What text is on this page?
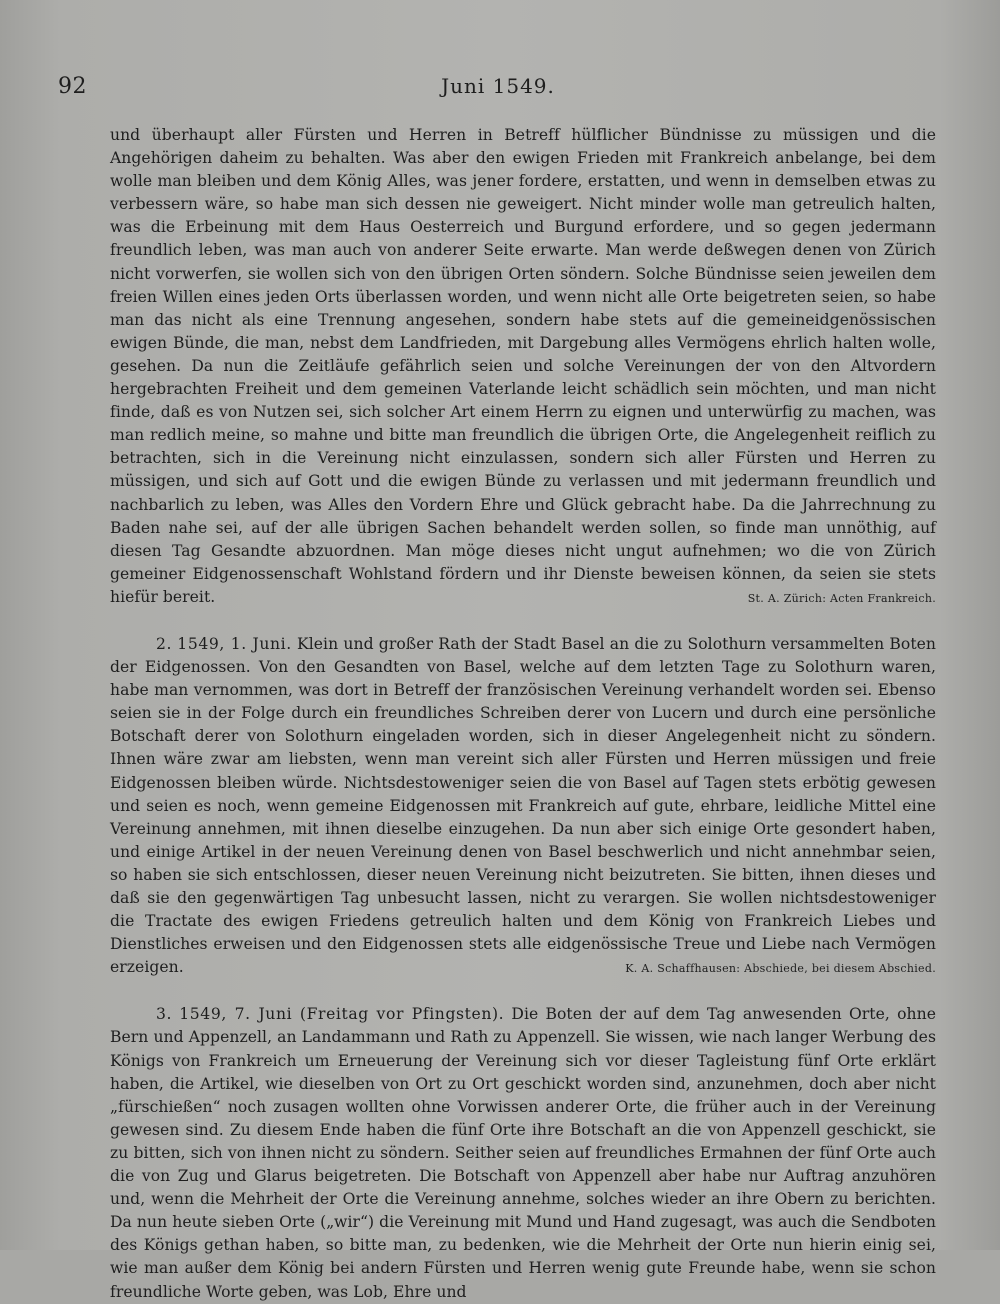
92	Juni 1549.

und überhaupt aller Fürsten und Herren in Betreff hülflicher Bündnisse zu müssigen und die Angehörigen daheim zu behalten. Was aber den ewigen Frieden mit Frankreich anbelange, bei dem wolle man bleiben und dem König Alles, was jener fordere, erstatten, und wenn in demselben etwas zu verbessern wäre, so habe man sich dessen nie geweigert. Nicht minder wolle man getreulich halten, was die Erbeinung mit dem Haus Oesterreich und Burgund erfordere, und so gegen jedermann freundlich leben, was man auch von anderer Seite erwarte. Man werde deßwegen denen von Zürich nicht vorwerfen, sie wollen sich von den übrigen Orten söndern. Solche Bündnisse seien jeweilen dem freien Willen eines jeden Orts überlassen worden, und wenn nicht alle Orte beigetreten seien, so habe man das nicht als eine Trennung angesehen, sondern habe stets auf die gemeineidgenössischen ewigen Bünde, die man, nebst dem Landfrieden, mit Dargebung alles Vermögens ehrlich halten wolle, gesehen. Da nun die Zeitläufe gefährlich seien und solche Vereinungen der von den Altvordern hergebrachten Freiheit und dem gemeinen Vaterlande leicht schädlich sein möchten, und man nicht finde, daß es von Nutzen sei, sich solcher Art einem Herrn zu eignen und unterwürfig zu machen, was man redlich meine, so mahne und bitte man freundlich die übrigen Orte, die Angelegenheit reiflich zu betrachten, sich in die Vereinung nicht einzulassen, sondern sich aller Fürsten und Herren zu müssigen, und sich auf Gott und die ewigen Bünde zu verlassen und mit jedermann freundlich und nachbarlich zu leben, was Alles den Vordern Ehre und Glück gebracht habe. Da die Jahrrechnung zu Baden nahe sei, auf der alle übrigen Sachen behandelt werden sollen, so finde man unnöthig, auf diesen Tag Gesandte abzuordnen. Man möge dieses nicht ungut aufnehmen; wo die von Zürich gemeiner Eidgenossenschaft Wohlstand fördern und ihr Dienste beweisen können, da seien sie stets hiefür bereit.	St. A. Zürich: Acten Frankreich.

2. 1549, 1. Juni. Klein und großer Rath der Stadt Basel an die zu Solothurn versammelten Boten der Eidgenossen. Von den Gesandten von Basel, welche auf dem letzten Tage zu Solothurn waren, habe man vernommen, was dort in Betreff der französischen Vereinung verhandelt worden sei. Ebenso seien sie in der Folge durch ein freundliches Schreiben derer von Lucern und durch eine persönliche Botschaft derer von Solothurn eingeladen worden, sich in dieser Angelegenheit nicht zu söndern. Ihnen wäre zwar am liebsten, wenn man vereint sich aller Fürsten und Herren müssigen und freie Eidgenossen bleiben würde. Nichtsdestoweniger seien die von Basel auf Tagen stets erbötig gewesen und seien es noch, wenn gemeine Eidgenossen mit Frankreich auf gute, ehrbare, leidliche Mittel eine Vereinung annehmen, mit ihnen dieselbe einzugehen. Da nun aber sich einige Orte gesondert haben, und einige Artikel in der neuen Vereinung denen von Basel beschwerlich und nicht annehmbar seien, so haben sie sich entschlossen, dieser neuen Vereinung nicht beizutreten. Sie bitten, ihnen dieses und daß sie den gegenwärtigen Tag unbesucht lassen, nicht zu verargen. Sie wollen nichtsdestoweniger die Tractate des ewigen Friedens getreulich halten und dem König von Frankreich Liebes und Dienstliches erweisen und den Eidgenossen stets alle eidgenössische Treue und Liebe nach Vermögen erzeigen.	K. A. Schaffhausen: Abschiede, bei diesem Abschied.

3. 1549, 7. Juni (Freitag vor Pfingsten). Die Boten der auf dem Tag anwesenden Orte, ohne Bern und Appenzell, an Landammann und Rath zu Appenzell. Sie wissen, wie nach langer Werbung des Königs von Frankreich um Erneuerung der Vereinung sich vor dieser Tagleistung fünf Orte erklärt haben, die Artikel, wie dieselben von Ort zu Ort geschickt worden sind, anzunehmen, doch aber nicht „fürschießen“ noch zusagen wollten ohne Vorwissen anderer Orte, die früher auch in der Vereinung gewesen sind. Zu diesem Ende haben die fünf Orte ihre Botschaft an die von Appenzell geschickt, sie zu bitten, sich von ihnen nicht zu söndern. Seither seien auf freundliches Ermahnen der fünf Orte auch die von Zug und Glarus beigetreten. Die Botschaft von Appenzell aber habe nur Auftrag anzuhören und, wenn die Mehrheit der Orte die Vereinung annehme, solches wieder an ihre Obern zu berichten. Da nun heute sieben Orte („wir“) die Vereinung mit Mund und Hand zugesagt, was auch die Sendboten des Königs gethan haben, so bitte man, zu bedenken, wie die Mehrheit der Orte nun hierin einig sei, wie man außer dem König bei andern Fürsten und Herren wenig gute Freunde habe, wenn sie schon freundliche Worte geben, was Lob, Ehre und
